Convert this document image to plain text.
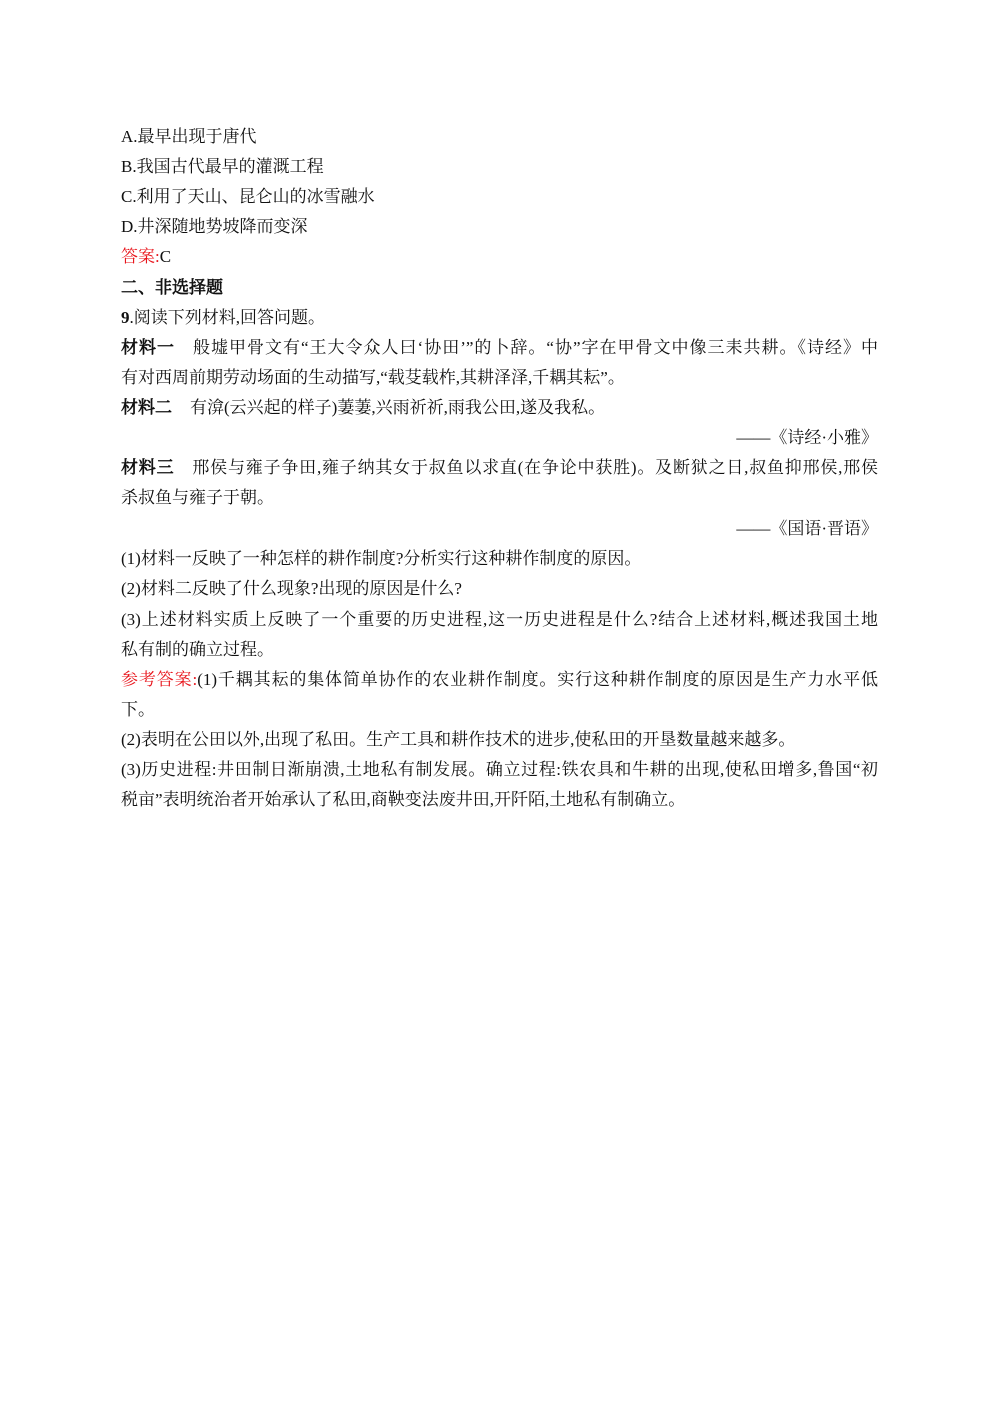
A.最早出现于唐代
B.我国古代最早的灌溉工程
C.利用了天山、昆仑山的冰雪融水
D.井深随地势坡降而变深
答案:C
二、非选择题
9.阅读下列材料,回答问题。
材料一 般墟甲骨文有“王大令众人曰‘协田’”的卜辞。“协”字在甲骨文中像三耒共耕。《诗经》中
有对西周前期劳动场面的生动描写,“载芟载柞,其耕泽泽,千耦其耘”。
材料二 有渰(云兴起的样子)萋萋,兴雨祈祈,雨我公田,遂及我私。
——《诗经·小雅》
材料三 邢侯与雍子争田,雍子纳其女于叔鱼以求直(在争论中获胜)。及断狱之日,叔鱼抑邢侯,邢侯
杀叔鱼与雍子于朝。
——《国语·晋语》
(1)材料一反映了一种怎样的耕作制度?分析实行这种耕作制度的原因。
(2)材料二反映了什么现象?出现的原因是什么?
(3)上述材料实质上反映了一个重要的历史进程,这一历史进程是什么?结合上述材料,概述我国土地
私有制的确立过程。
参考答案:(1)千耦其耘的集体简单协作的农业耕作制度。实行这种耕作制度的原因是生产力水平低
下。
(2)表明在公田以外,出现了私田。生产工具和耕作技术的进步,使私田的开垦数量越来越多。
(3)历史进程:井田制日渐崩溃,土地私有制发展。确立过程:铁农具和牛耕的出现,使私田增多,鲁国“初
税亩”表明统治者开始承认了私田,商鞅变法废井田,开阡陌,土地私有制确立。
